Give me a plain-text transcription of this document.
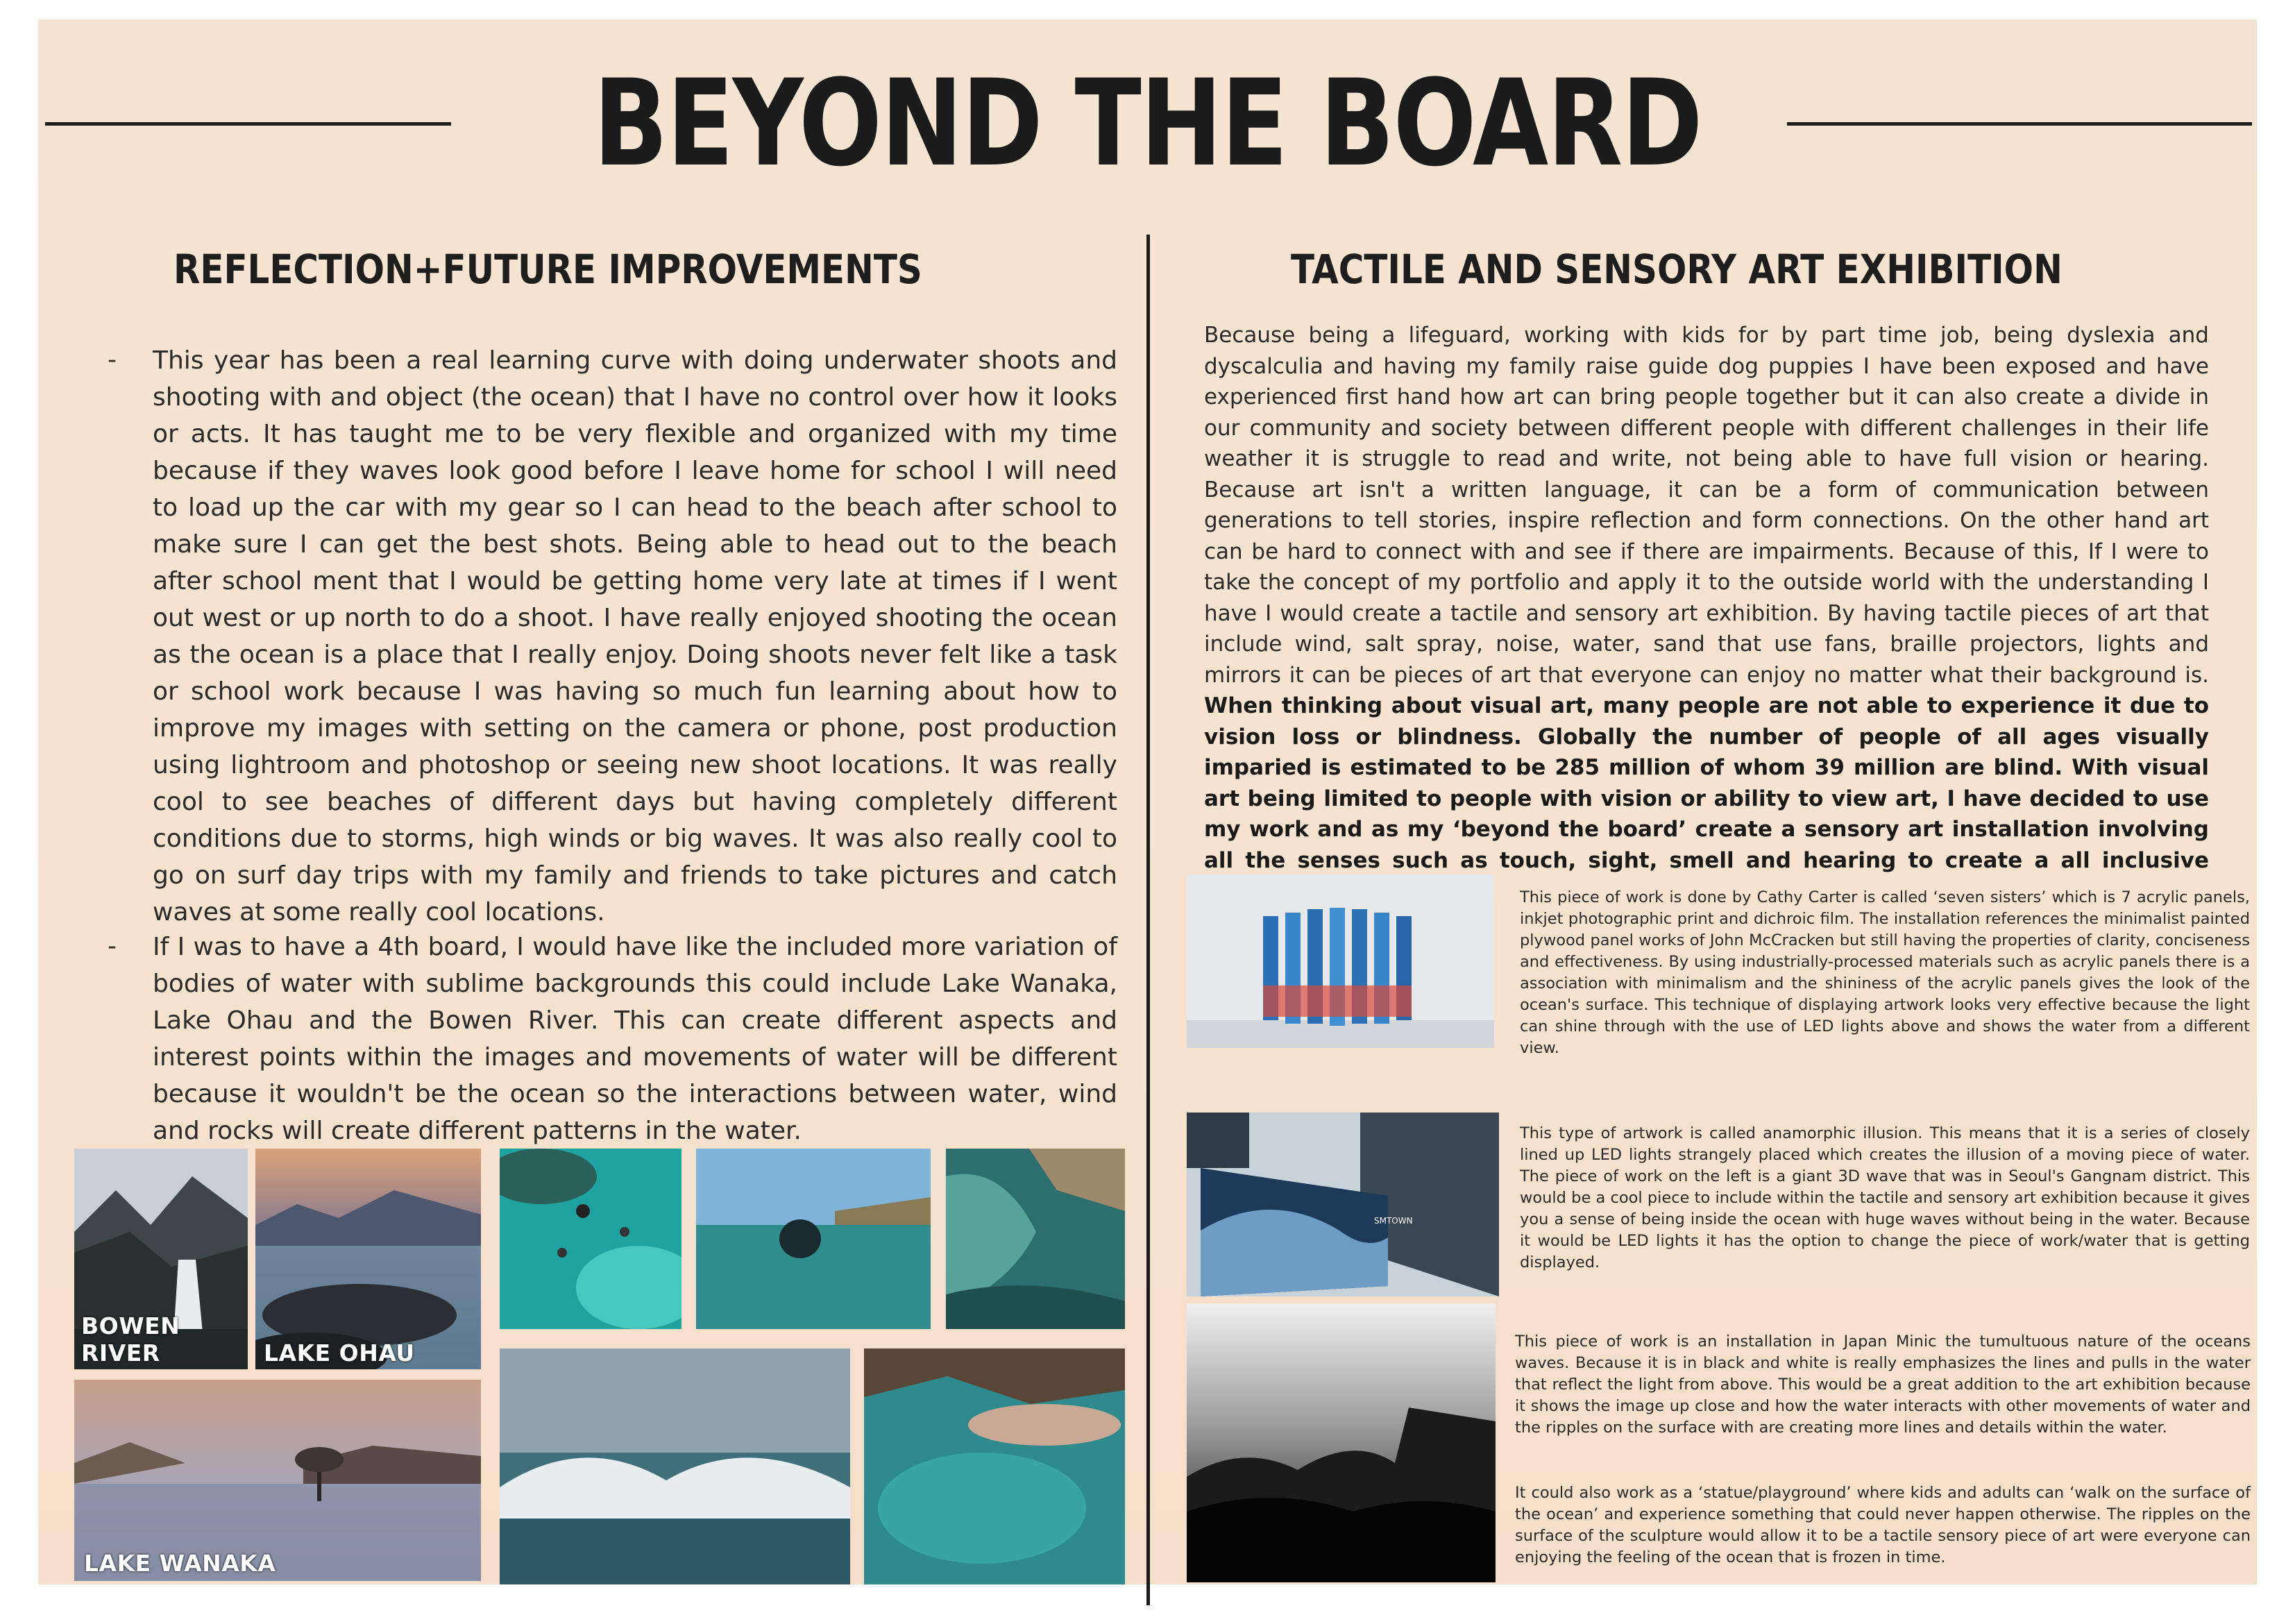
BEYOND THE BOARD
REFLECTION+FUTURE IMPROVEMENTS
- This year has been a real learning curve with doing underwater shoots and shooting with and object (the ocean) that I have no control over how it looks or acts. It has taught me to be very flexible and organized with my time because if they waves look good before I leave home for school I will need to load up the car with my gear so I can head to the beach after school to make sure I can get the best shots. Being able to head out to the beach after school ment that I would be getting home very late at times if I went out west or up north to do a shoot. I have really enjoyed shooting the ocean as the ocean is a place that I really enjoy. Doing shoots never felt like a task or school work because I was having so much fun learning about how to improve my images with setting on the camera or phone, post production using lightroom and photoshop or seeing new shoot locations. It was really cool to see beaches of different days but having completely different conditions due to storms, high winds or big waves. It was also really cool to go on surf day trips with my family and friends to take pictures and catch waves at some really cool locations.
- If I was to have a 4th board, I would have like the included more variation of bodies of water with sublime backgrounds this could include Lake Wanaka, Lake Ohau and the Bowen River. This can create different aspects and interest points within the images and movements of water will be different because it wouldn't be the ocean so the interactions between water, wind and rocks will create different patterns in the water.
BOWEN RIVER	LAKE OHAU
LAKE WANAKA
TACTILE AND SENSORY ART EXHIBITION
Because being a lifeguard, working with kids for by part time job, being dyslexia and dyscalculia and having my family raise guide dog puppies I have been exposed and have experienced first hand how art can bring people together but it can also create a divide in our community and society between different people with different challenges in their life weather it is struggle to read and write, not being able to have full vision or hearing. Because art isn't a written language, it can be a form of communication between generations to tell stories, inspire reflection and form connections. On the other hand art can be hard to connect with and see if there are impairments. Because of this, If I were to take the concept of my portfolio and apply it to the outside world with the understanding I have I would create a tactile and sensory art exhibition. By having tactile pieces of art that include wind, salt spray, noise, water, sand that use fans, braille projectors, lights and mirrors it can be pieces of art that everyone can enjoy no matter what their background is. When thinking about visual art, many people are not able to experience it due to vision loss or blindness. Globally the number of people of all ages visually imparied is estimated to be 285 million of whom 39 million are blind. With visual art being limited to people with vision or ability to view art, I have decided to use my work and as my ‘beyond the board’ create a sensory art installation involving all the senses such as touch, sight, smell and hearing to create a all inclusive
This piece of work is done by Cathy Carter is called ‘seven sisters’ which is 7 acrylic panels, inkjet photographic print and dichroic film. The installation references the minimalist painted plywood panel works of John McCracken but still having the properties of clarity, conciseness and effectiveness. By using industrially-processed materials such as acrylic panels there is a association with minimalism and the shininess of the acrylic panels gives the look of the ocean's surface. This technique of displaying artwork looks very effective because the light can shine through with the use of LED lights above and shows the water from a different view.
SMTOWN
This type of artwork is called anamorphic illusion. This means that it is a series of closely lined up LED lights strangely placed which creates the illusion of a moving piece of water. The piece of work on the left is a giant 3D wave that was in Seoul's Gangnam district. This would be a cool piece to include within the tactile and sensory art exhibition because it gives you a sense of being inside the ocean with huge waves without being in the water. Because it would be LED lights it has the option to change the piece of work/water that is getting displayed.
This piece of work is an installation in Japan Minic the tumultuous nature of the oceans waves. Because it is in black and white is really emphasizes the lines and pulls in the water that reflect the light from above. This would be a great addition to the art exhibition because it shows the image up close and how the water interacts with other movements of water and the ripples on the surface with are creating more lines and details within the water.
It could also work as a ‘statue/playground’ where kids and adults can ‘walk on the surface of the ocean’ and experience something that could never happen otherwise. The ripples on the surface of the sculpture would allow it to be a tactile sensory piece of art were everyone can enjoying the feeling of the ocean that is frozen in time.
